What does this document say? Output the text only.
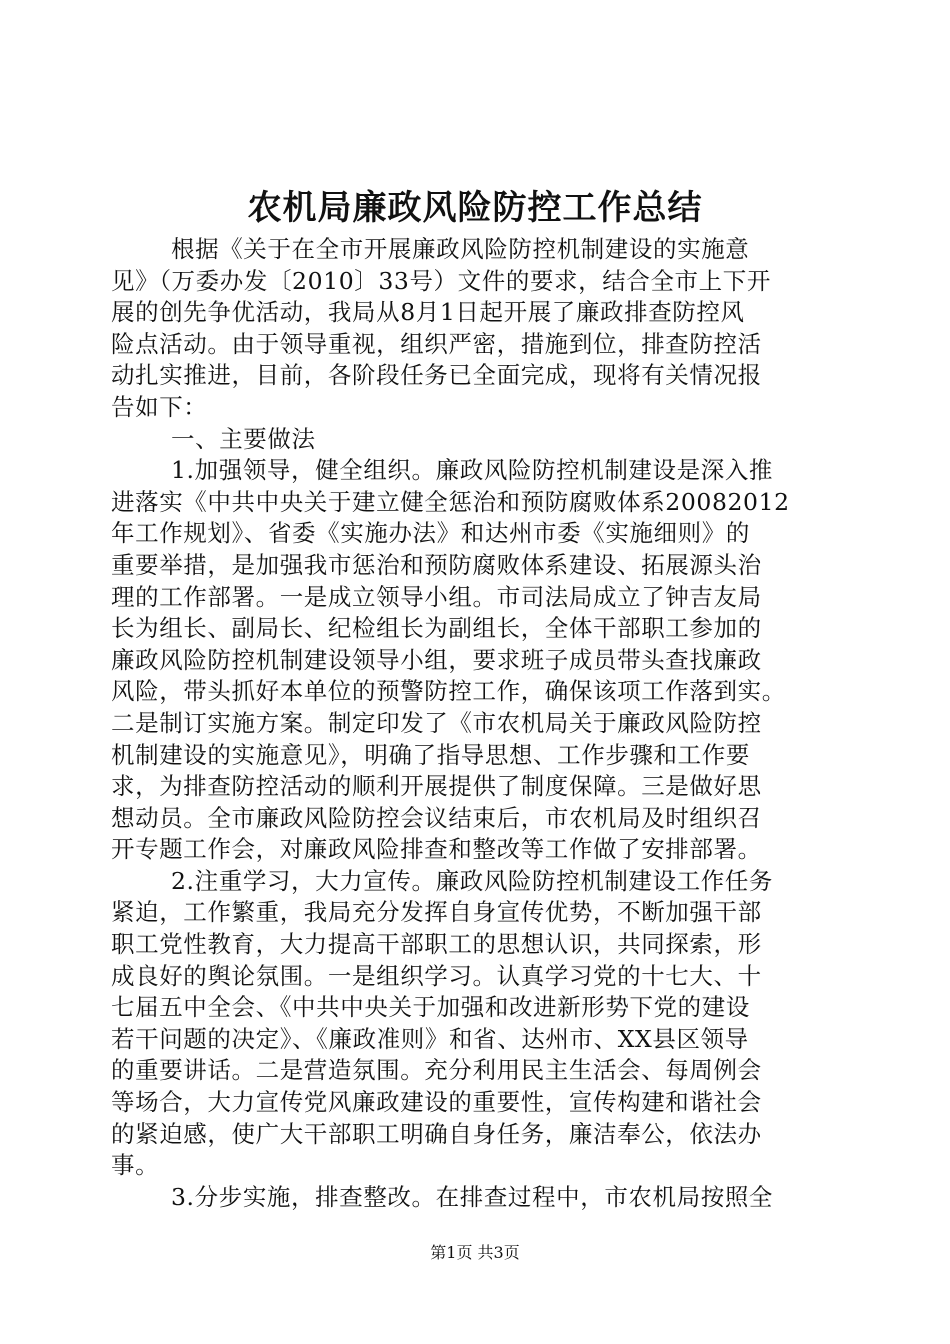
农机局廉政风险防控工作总结
根据《关于在全市开展廉政风险防控机制建设的实施意
见》（万委办发〔2010〕33号）文件的要求，结合全市上下开
展的创先争优活动，我局从8月1日起开展了廉政排查防控风
险点活动。由于领导重视，组织严密，措施到位，排查防控活
动扎实推进，目前，各阶段任务已全面完成，现将有关情况报
告如下：
一、主要做法
1.加强领导，健全组织。廉政风险防控机制建设是深入推
进落实《中共中央关于建立健全惩治和预防腐败体系20082012
年工作规划》、省委《实施办法》和达州市委《实施细则》的
重要举措，是加强我市惩治和预防腐败体系建设、拓展源头治
理的工作部署。一是成立领导小组。市司法局成立了钟吉友局
长为组长、副局长、纪检组长为副组长，全体干部职工参加的
廉政风险防控机制建设领导小组，要求班子成员带头查找廉政
风险，带头抓好本单位的预警防控工作，确保该项工作落到实。
二是制订实施方案。制定印发了《市农机局关于廉政风险防控
机制建设的实施意见》，明确了指导思想、工作步骤和工作要
求，为排查防控活动的顺利开展提供了制度保障。三是做好思
想动员。全市廉政风险防控会议结束后，市农机局及时组织召
开专题工作会，对廉政风险排查和整改等工作做了安排部署。
2.注重学习，大力宣传。廉政风险防控机制建设工作任务
紧迫，工作繁重，我局充分发挥自身宣传优势，不断加强干部
职工党性教育，大力提高干部职工的思想认识，共同探索，形
成良好的舆论氛围。一是组织学习。认真学习党的十七大、十
七届五中全会、《中共中央关于加强和改进新形势下党的建设
若干问题的决定》、《廉政准则》和省、达州市、XX县区领导
的重要讲话。二是营造氛围。充分利用民主生活会、每周例会
等场合，大力宣传党风廉政建设的重要性，宣传构建和谐社会
的紧迫感，使广大干部职工明确自身任务，廉洁奉公，依法办
事。
3.分步实施，排查整改。在排查过程中，市农机局按照全
第1页 共3页
